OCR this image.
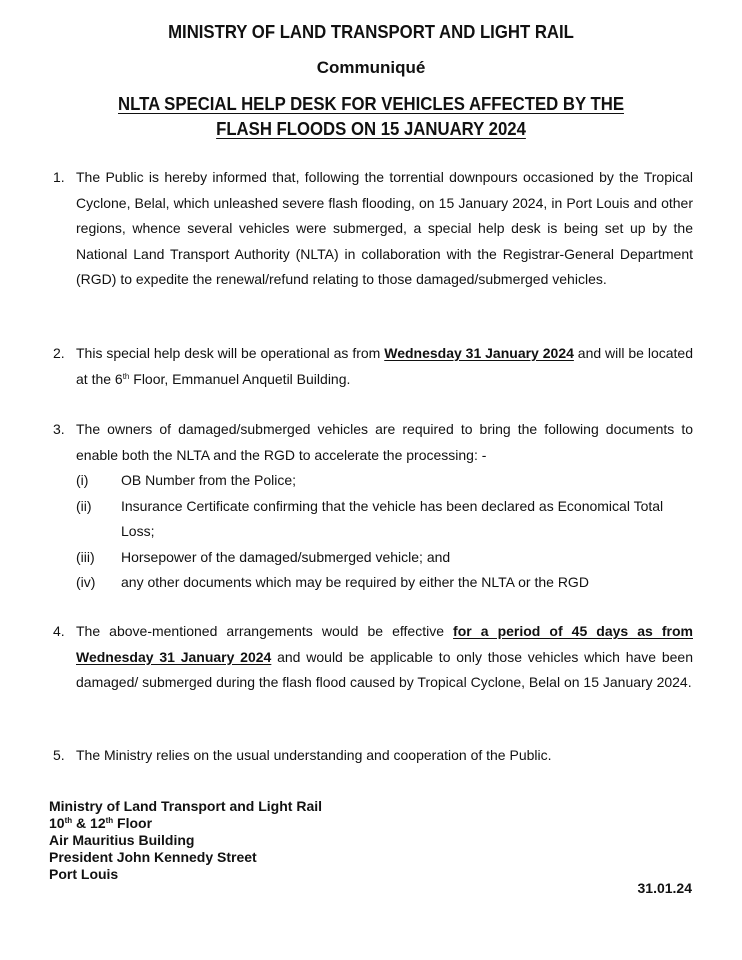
MINISTRY OF LAND TRANSPORT AND LIGHT RAIL
Communiqué
NLTA SPECIAL HELP DESK FOR VEHICLES AFFECTED BY THE
FLASH FLOODS ON 15 JANUARY 2024
1. The Public is hereby informed that, following the torrential downpours occasioned by the Tropical Cyclone, Belal, which unleashed severe flash flooding, on 15 January 2024, in Port Louis and other regions, whence several vehicles were submerged, a special help desk is being set up by the National Land Transport Authority (NLTA) in collaboration with the Registrar-General Department (RGD) to expedite the renewal/refund relating to those damaged/submerged vehicles.
2. This special help desk will be operational as from Wednesday 31 January 2024 and will be located at the 6th Floor, Emmanuel Anquetil Building.
3. The owners of damaged/submerged vehicles are required to bring the following documents to enable both the NLTA and the RGD to accelerate the processing: -
(i) OB Number from the Police;
(ii) Insurance Certificate confirming that the vehicle has been declared as Economical Total Loss;
(iii) Horsepower of the damaged/submerged vehicle; and
(iv) any other documents which may be required by either the NLTA or the RGD
4. The above-mentioned arrangements would be effective for a period of 45 days as from Wednesday 31 January 2024 and would be applicable to only those vehicles which have been damaged/ submerged during the flash flood caused by Tropical Cyclone, Belal on 15 January 2024.
5. The Ministry relies on the usual understanding and cooperation of the Public.
Ministry of Land Transport and Light Rail
10th & 12th Floor
Air Mauritius Building
President John Kennedy Street
Port Louis
31.01.24
